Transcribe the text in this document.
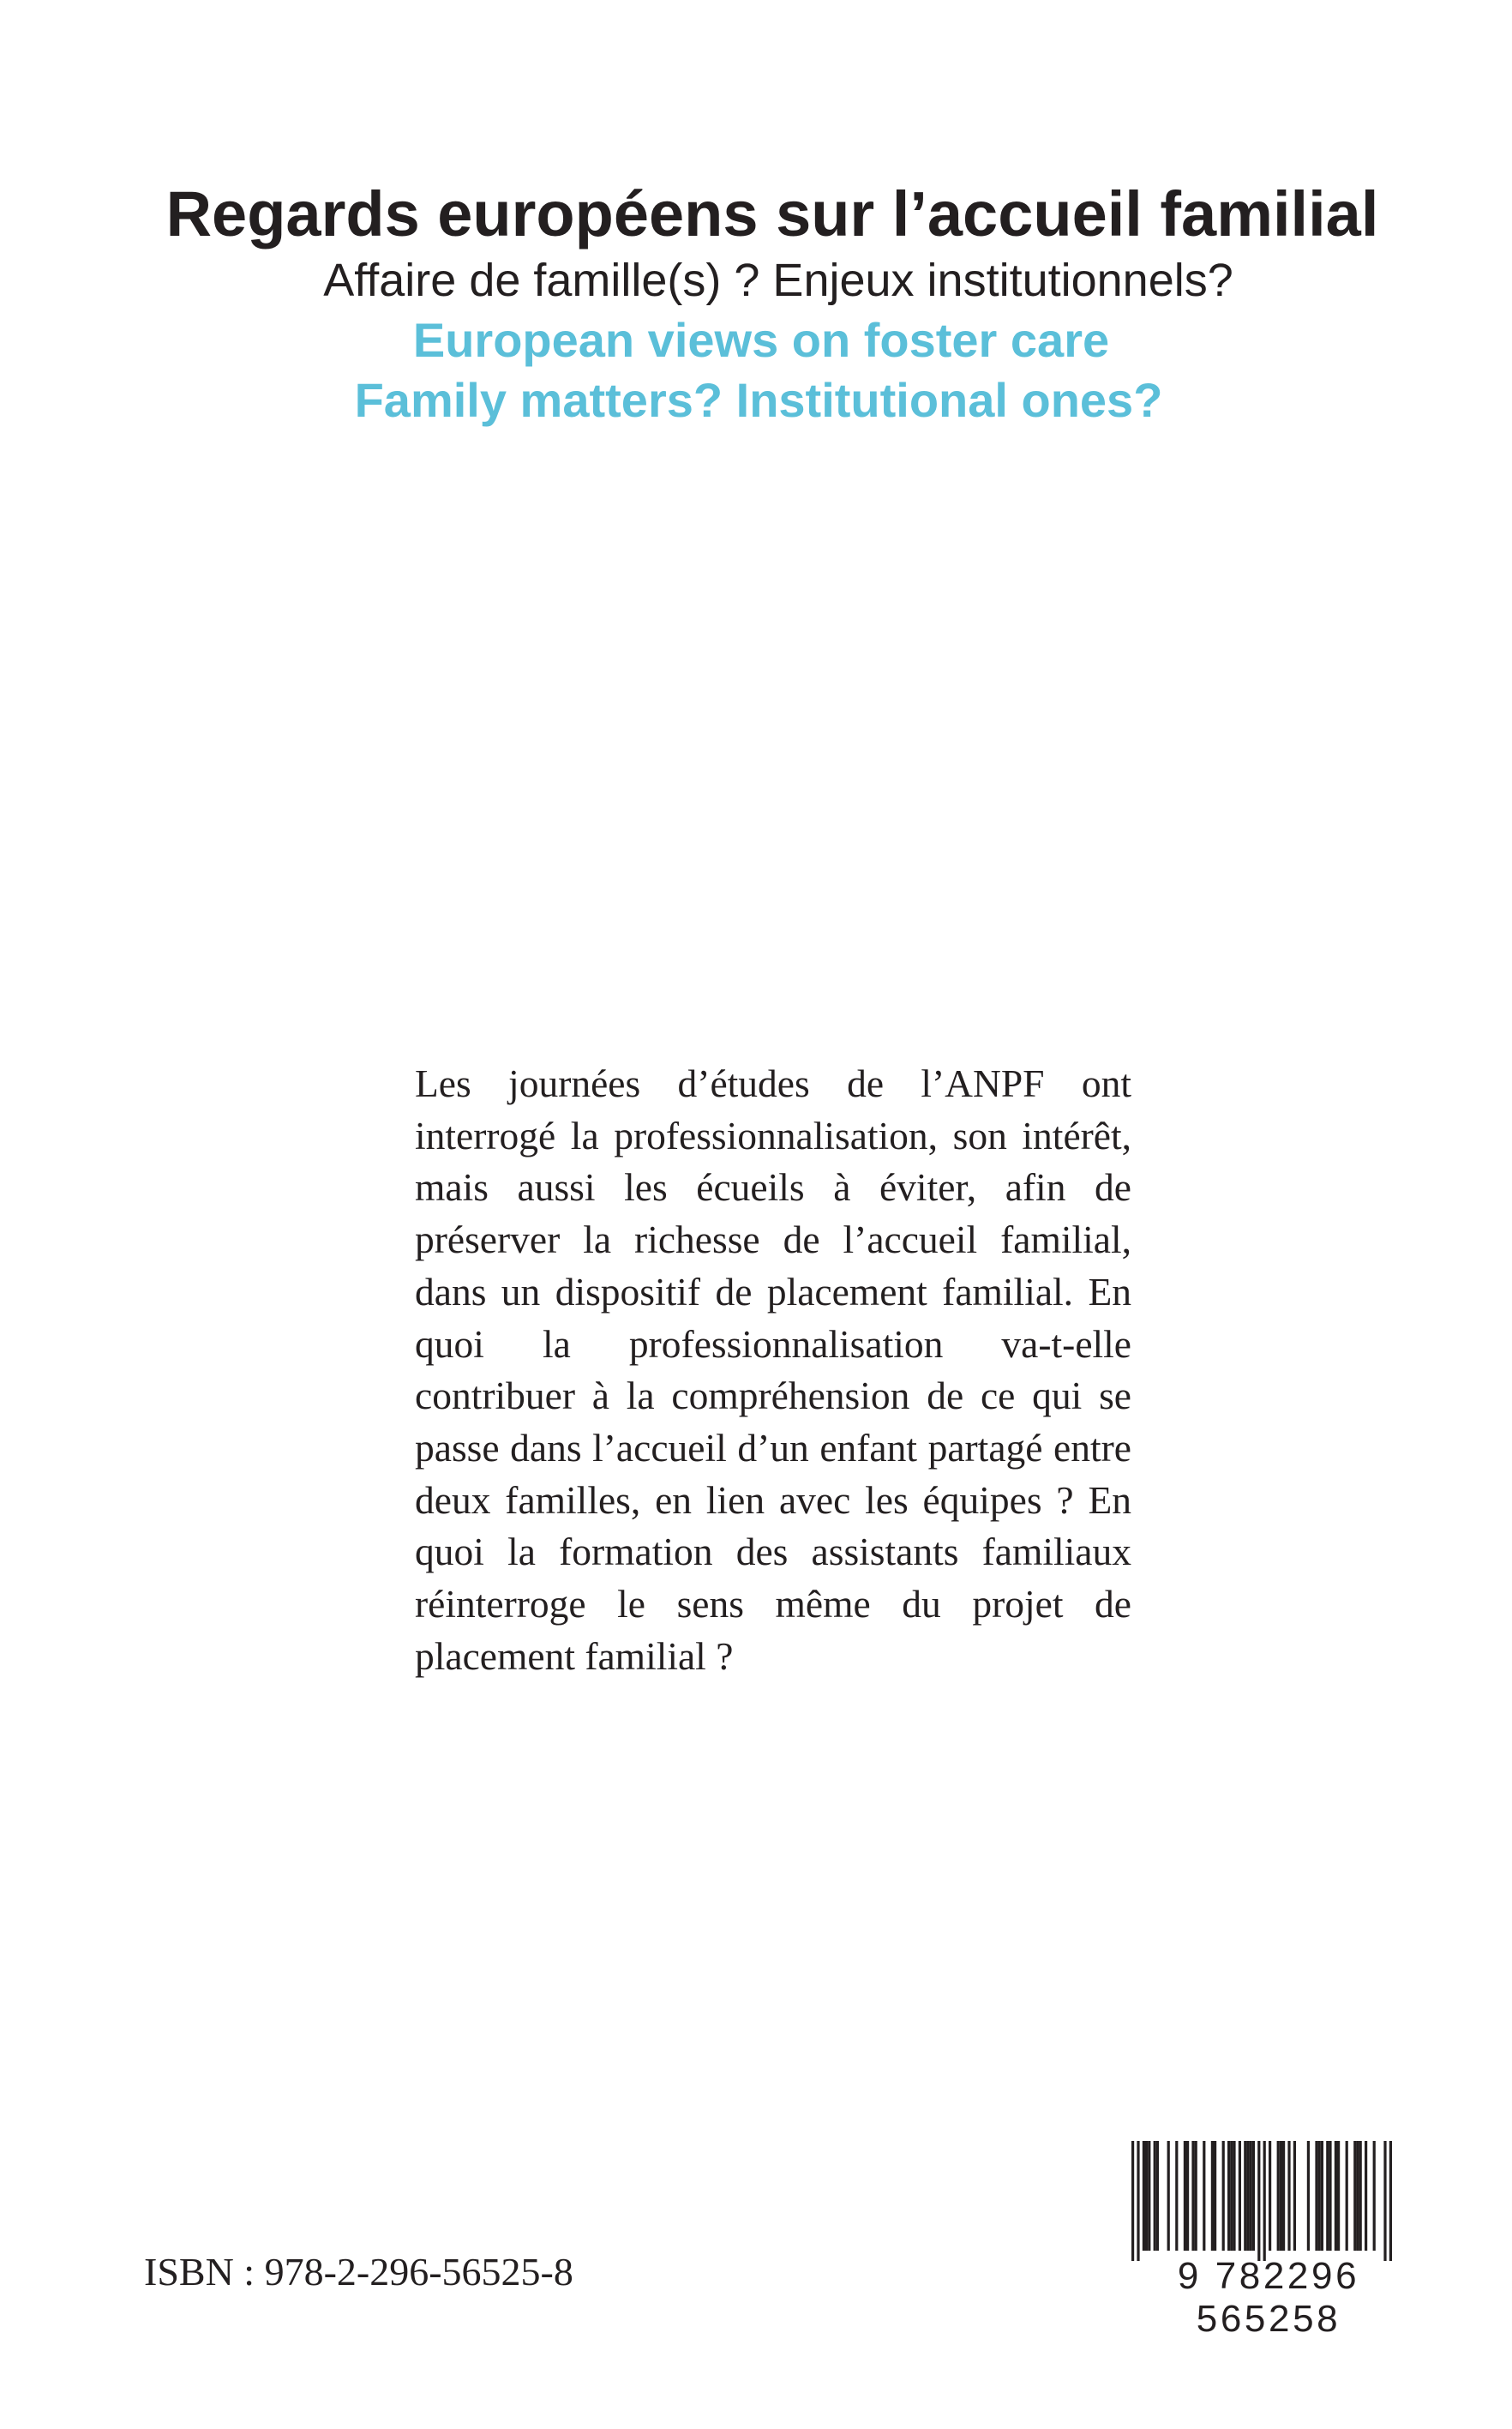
Regards européens sur l’accueil familial

Affaire de famille(s) ? Enjeux institutionnels?

European views on foster care

Family matters? Institutional ones?

Les journées d’études de l’ANPF ont interrogé la professionnalisation, son intérêt, mais aussi les écueils à éviter, afin de préserver la richesse de l’accueil familial, dans un dispositif de placement familial. En quoi la professionnalisation va-t-elle contribuer à la compréhension de ce qui se passe dans l’accueil d’un enfant partagé entre deux familles, en lien avec les équipes ? En quoi la formation des assistants familiaux réinterroge le sens même du projet de placement familial ?

ISBN : 978-2-296-56525-8	9 782296 565258
